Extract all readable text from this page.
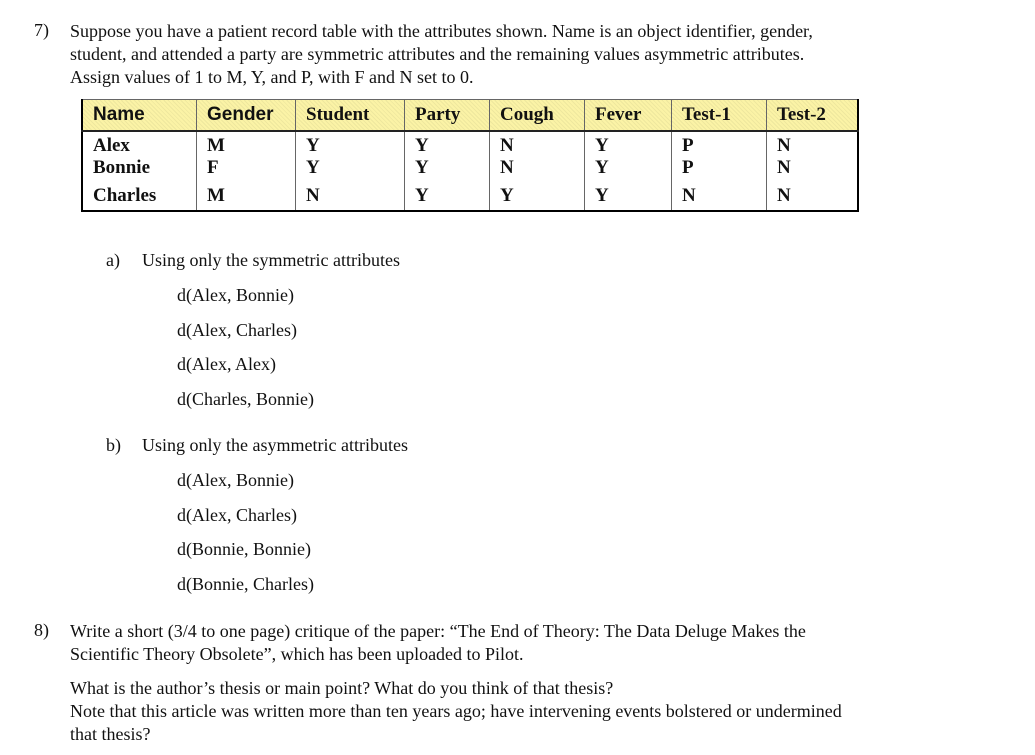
7) Suppose you have a patient record table with the attributes shown. Name is an object identifier, gender,

student, and attended a party are symmetric attributes and the remaining values asymmetric attributes.

Assign values of 1 to M, Y, and P, with F and N set to 0.

Name	Gender	Student	Party	Cough	Fever	Test-1	Test-2
Alex	M	Y	Y	N	Y	P	N
Bonnie	F	Y	Y	N	Y	P	N
Charles	M	N	Y	Y	Y	N	N
a) Using only the symmetric attributes
d(Alex, Bonnie)
d(Alex, Charles)
d(Alex, Alex)
d(Charles, Bonnie)
b) Using only the asymmetric attributes
d(Alex, Bonnie)
d(Alex, Charles)
d(Bonnie, Bonnie)
d(Bonnie, Charles)
8) Write a short (3/4 to one page) critique of the paper: “The End of Theory: The Data Deluge Makes the

Scientific Theory Obsolete”, which has been uploaded to Pilot.

What is the author’s thesis or main point? What do you think of that thesis?

Note that this article was written more than ten years ago; have intervening events bolstered or undermined

that thesis?
